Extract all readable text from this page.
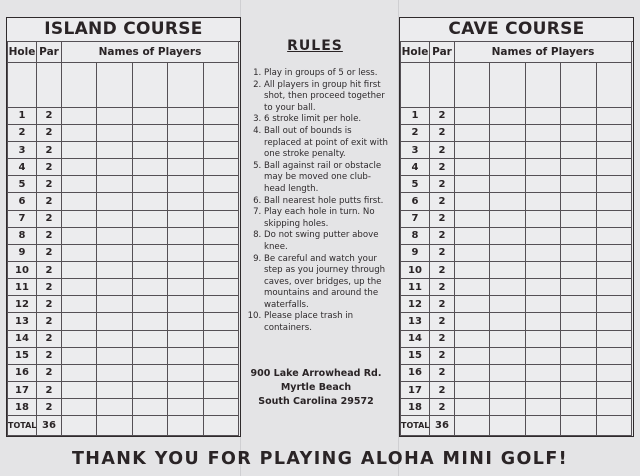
ISLAND COURSE
Hole	Par	Names of Players				

1	2					
2	2					
3	2					
4	2					
5	2					
6	2					
7	2					
8	2					
9	2					
10	2					
11	2					
12	2					
13	2					
14	2					
15	2					
16	2					
17	2					
18	2					
TOTAL	36					
RULES
1. Play in groups of 5 or less.
2. All players in group hit first shot, then proceed together to your ball.
3. 6 stroke limit per hole.
4. Ball out of bounds is replaced at point of exit with one stroke penalty.
5. Ball against rail or obstacle may be moved one club-head length.
6. Ball nearest hole putts first.
7. Play each hole in turn. No skipping holes.
8. Do not swing putter above knee.
9. Be careful and watch your step as you journey through caves, over bridges, up the mountains and around the waterfalls.
10. Please place trash in containers.
900 Lake Arrowhead Rd.
Myrtle Beach
South Carolina 29572
CAVE COURSE
Hole	Par	Names of Players				

1	2					
2	2					
3	2					
4	2					
5	2					
6	2					
7	2					
8	2					
9	2					
10	2					
11	2					
12	2					
13	2					
14	2					
15	2					
16	2					
17	2					
18	2					
TOTAL	36					
THANK YOU FOR PLAYING ALOHA MINI GOLF!
